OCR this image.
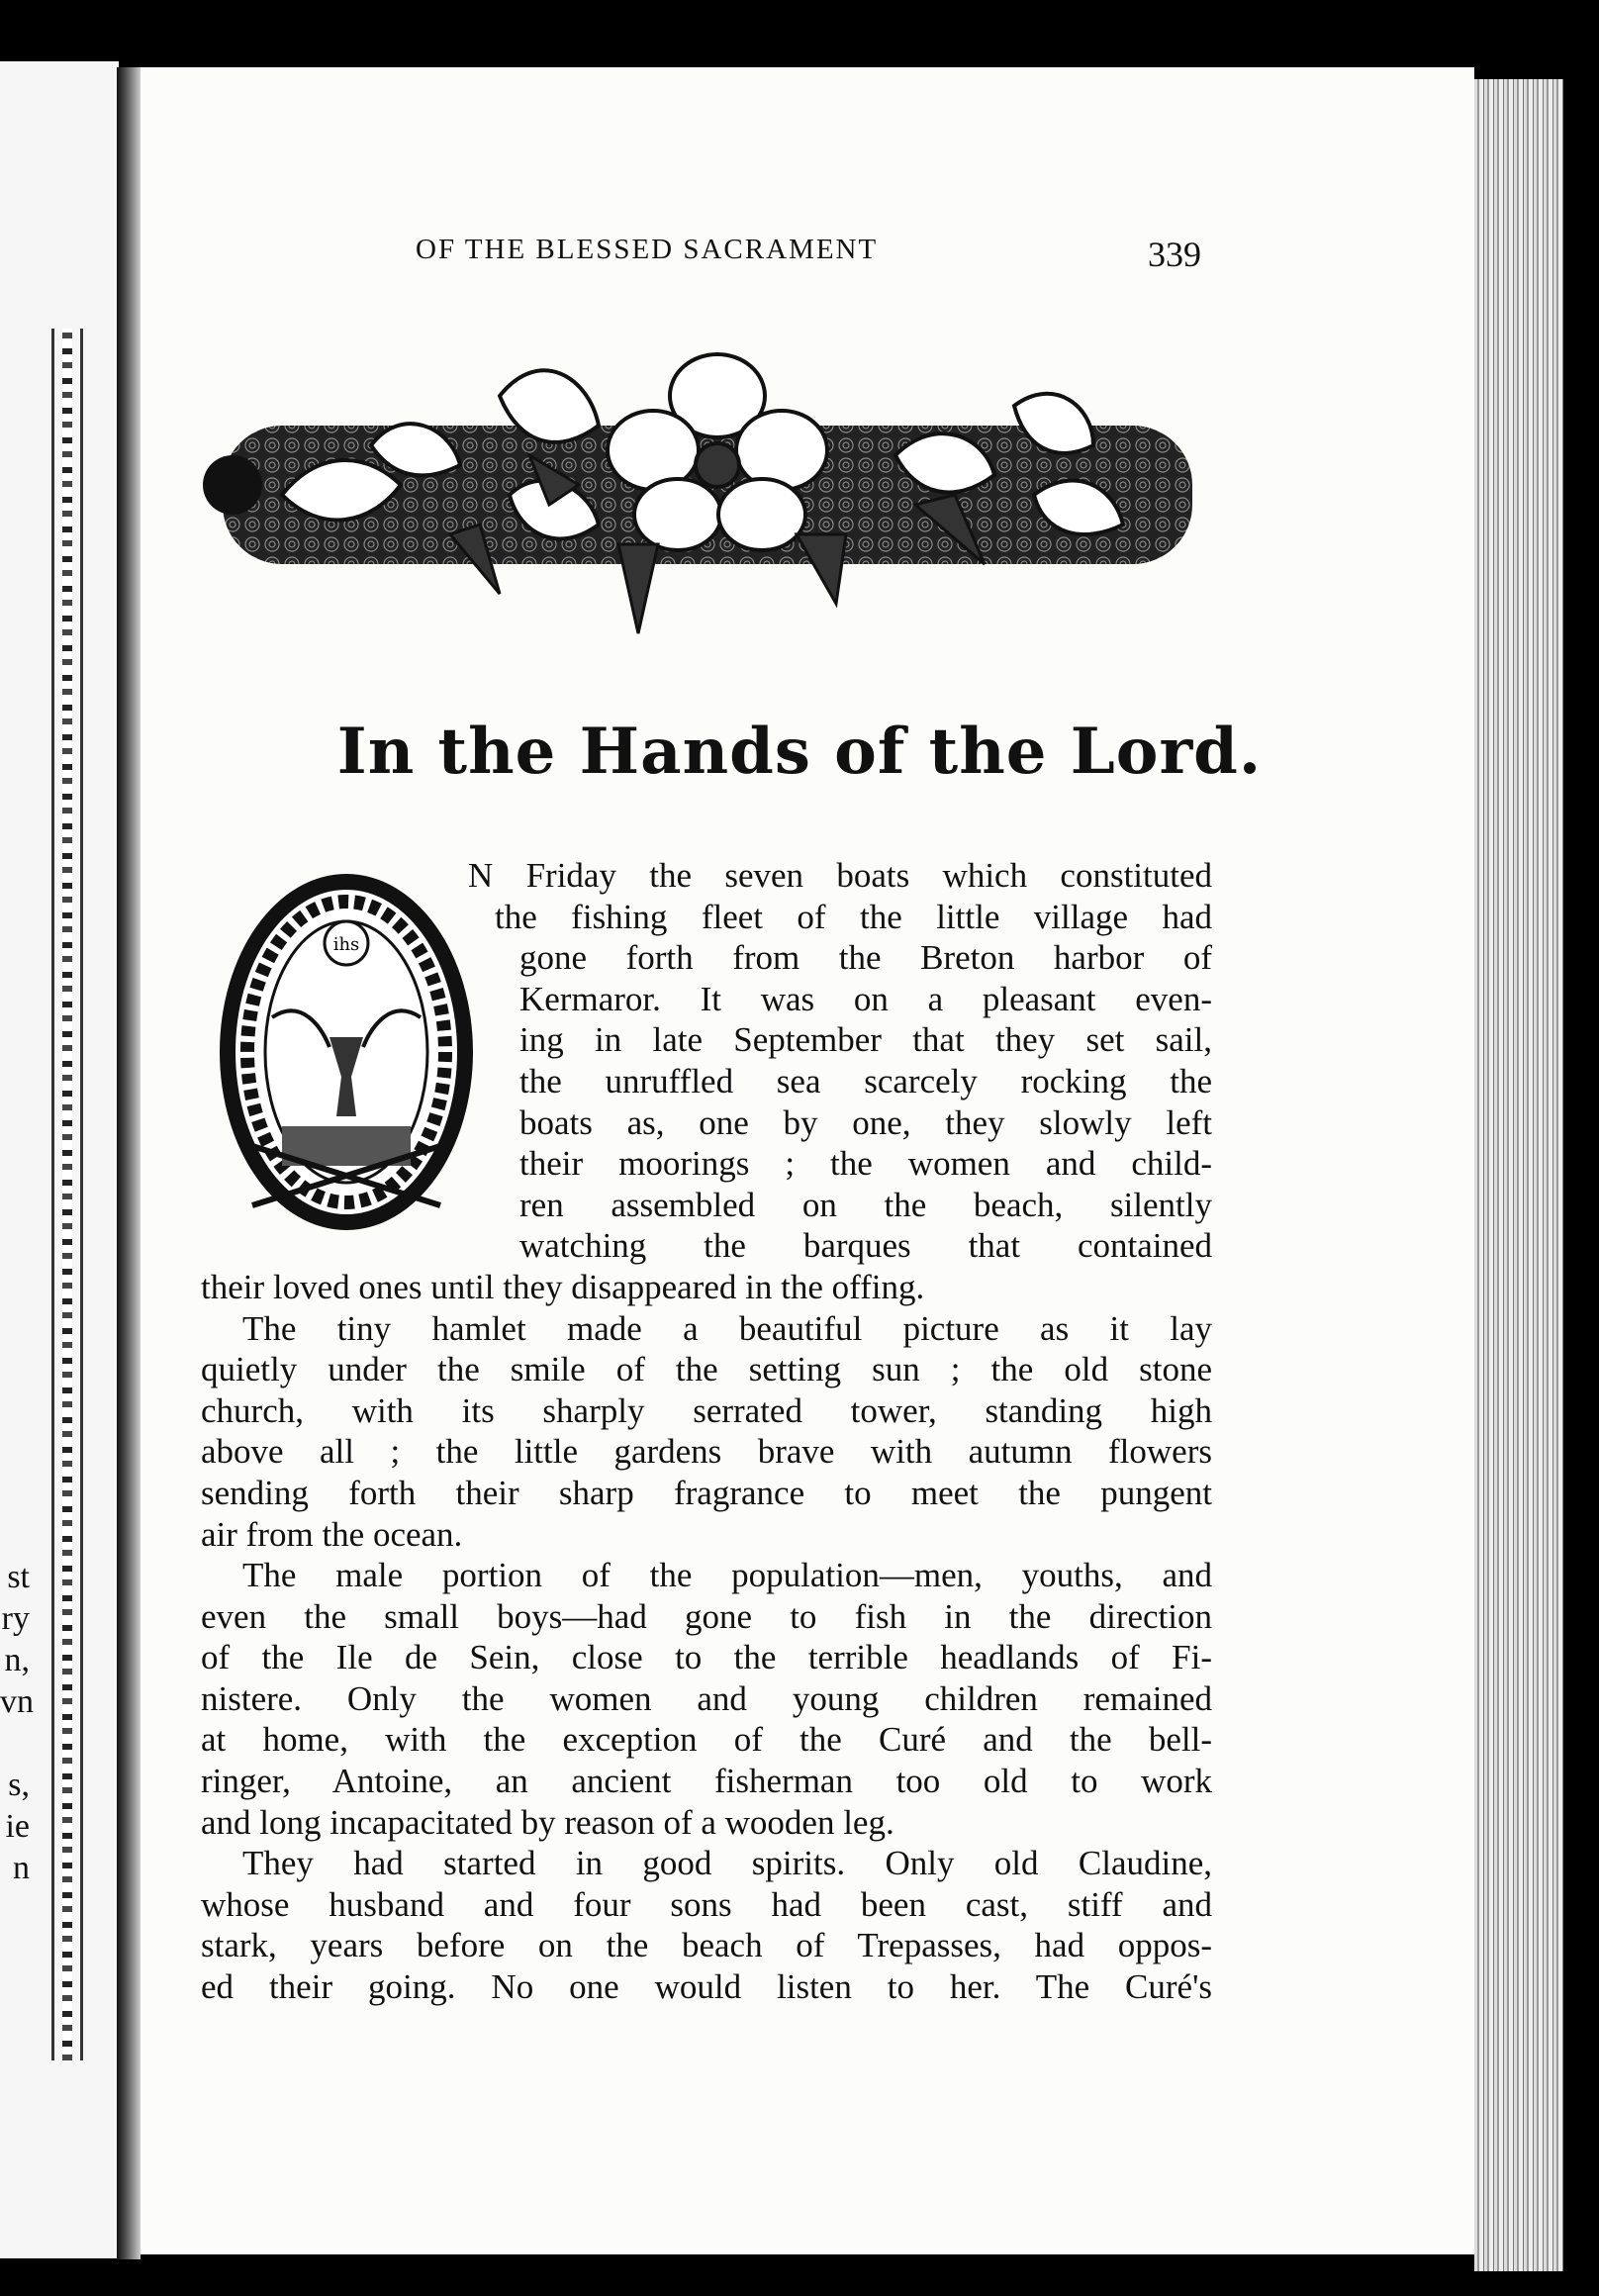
st
ry
n,
vn
s,
ie
n
OF THE BLESSED SACRAMENT	339
In the Hands of the Lord.
ihs
N Friday the seven boats which constituted
the fishing fleet of the little village had
gone forth from the Breton harbor of
Kermaror. It was on a pleasant even-
ing in late September that they set sail,
the unruffled sea scarcely rocking the
boats as, one by one, they slowly left
their moorings ; the women and child-
ren assembled on the beach, silently
watching the barques that contained
their loved ones until they disappeared in the offing.
The tiny hamlet made a beautiful picture as it lay
quietly under the smile of the setting sun ; the old stone
church, with its sharply serrated tower, standing high
above all ; the little gardens brave with autumn flowers
sending forth their sharp fragrance to meet the pungent
air from the ocean.
The male portion of the population—men, youths, and
even the small boys—had gone to fish in the direction
of the Ile de Sein, close to the terrible headlands of Fi-
nistere. Only the women and young children remained
at home, with the exception of the Curé and the bell-
ringer, Antoine, an ancient fisherman too old to work
and long incapacitated by reason of a wooden leg.
They had started in good spirits. Only old Claudine,
whose husband and four sons had been cast, stiff and
stark, years before on the beach of Trepasses, had oppos-
ed their going. No one would listen to her. The Curé's
